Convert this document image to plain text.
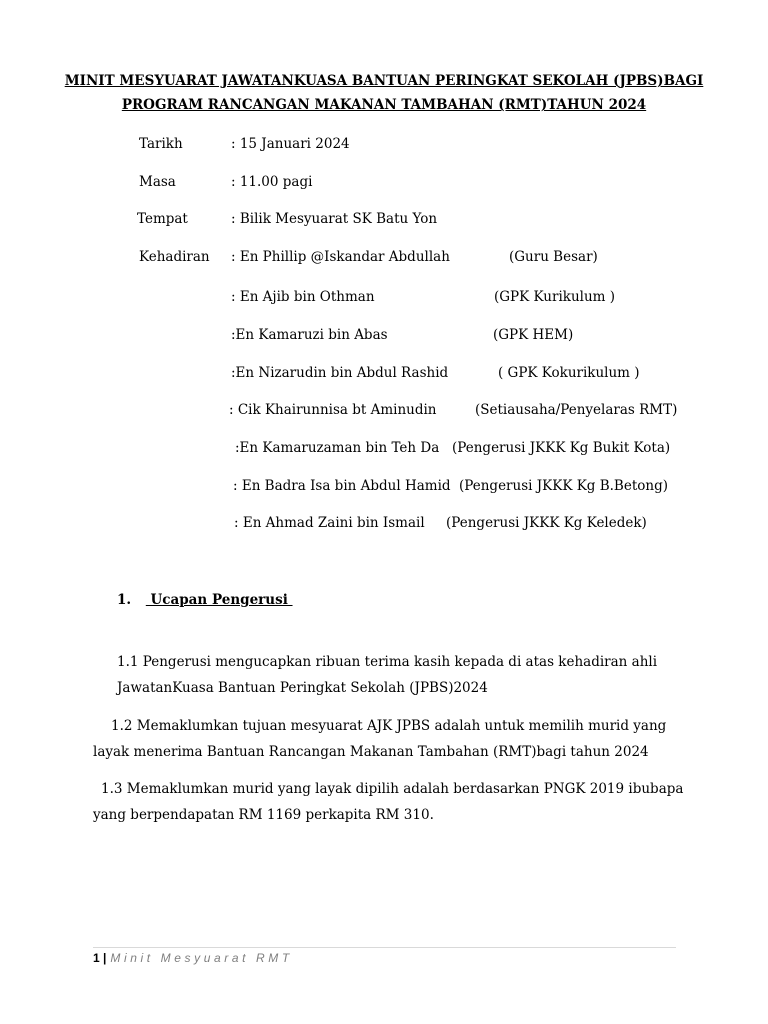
MINIT MESYUARAT JAWATANKUASA BANTUAN PERINGKAT SEKOLAH (JPBS)BAGI
PROGRAM RANCANGAN MAKANAN TAMBAHAN (RMT)TAHUN 2024
Tarikh	: 15 Januari 2024
Masa	: 11.00 pagi
Tempat	: Bilik Mesyuarat SK Batu Yon
Kehadiran : En Phillip @Iskandar Abdullah	(Guru Besar)
: En Ajib bin Othman	(GPK Kurikulum )
:En Kamaruzi bin Abas	(GPK HEM)
:En Nizarudin bin Abdul Rashid	( GPK Kokurikulum )
: Cik Khairunnisa bt Aminudin	(Setiausaha/Penyelaras RMT)
:En Kamaruzaman bin Teh Da (Pengerusi JKKK Kg Bukit Kota)
: En Badra Isa bin Abdul Hamid (Pengerusi JKKK Kg B.Betong)
: En Ahmad Zaini bin Ismail (Pengerusi JKKK Kg Keledek)
1.  Ucapan Pengerusi
1.1 Pengerusi mengucapkan ribuan terima kasih kepada di atas kehadiran ahli
JawatanKuasa Bantuan Peringkat Sekolah (JPBS)2024
1.2 Memaklumkan tujuan mesyuarat AJK JPBS adalah untuk memilih murid yang
layak menerima Bantuan Rancangan Makanan Tambahan (RMT)bagi tahun 2024
1.3 Memaklumkan murid yang layak dipilih adalah berdasarkan PNGK 2019 ibubapa
yang berpendapatan RM 1169 perkapita RM 310.
1 | Minit Mesyuarat RMT
